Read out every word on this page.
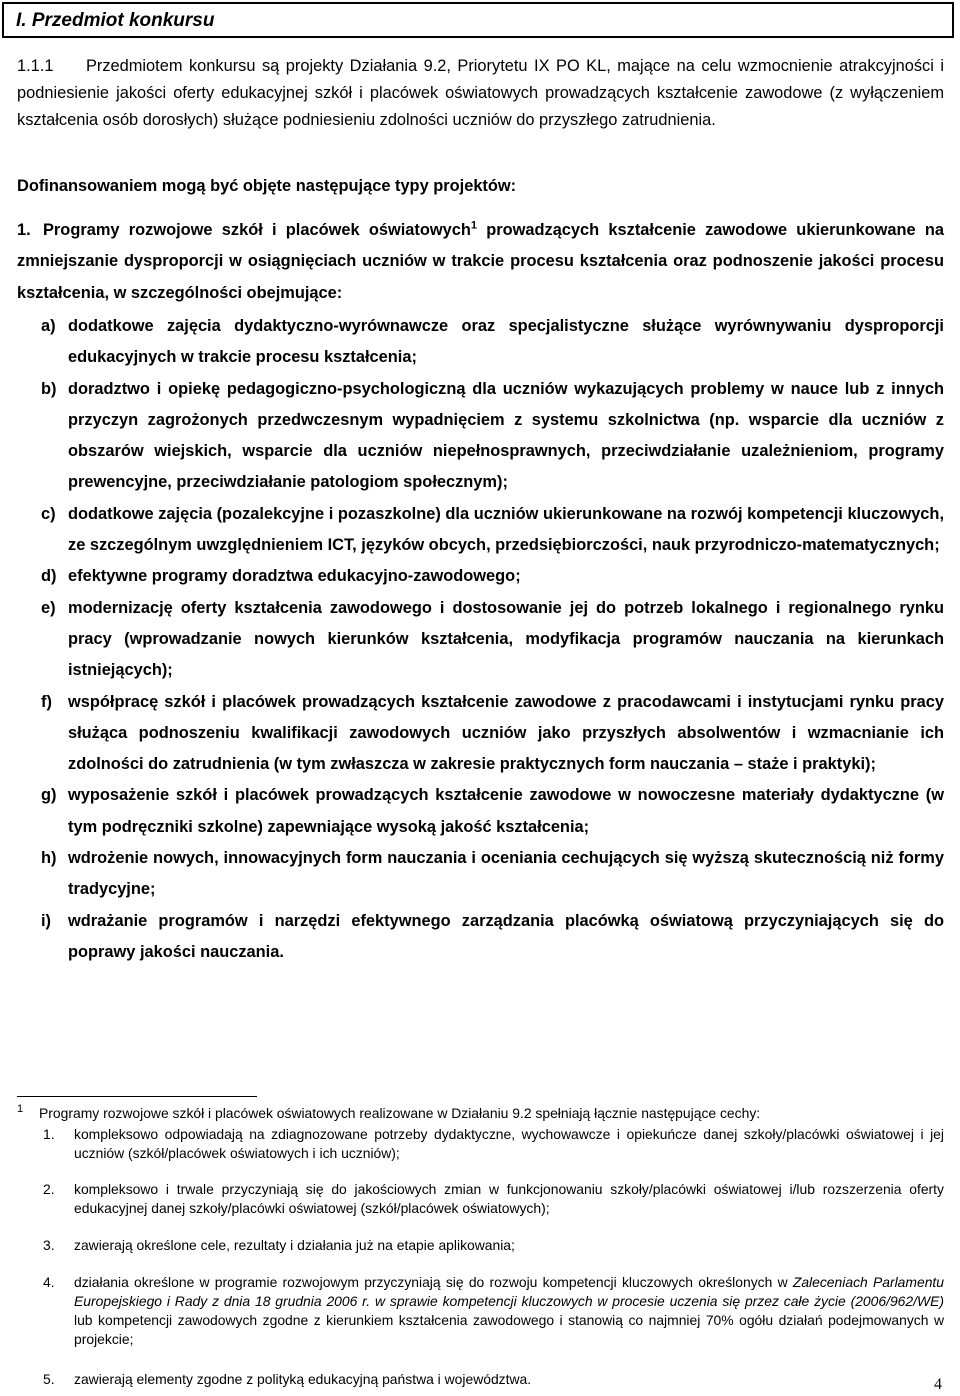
I. Przedmiot konkursu
1.1.1 Przedmiotem konkursu są projekty Działania 9.2, Priorytetu IX PO KL, mające na celu wzmocnienie atrakcyjności i podniesienie jakości oferty edukacyjnej szkół i placówek oświatowych prowadzących kształcenie zawodowe (z wyłączeniem kształcenia osób dorosłych) służące podniesieniu zdolności uczniów do przyszłego zatrudnienia.
Dofinansowaniem mogą być objęte następujące typy projektów:
1. Programy rozwojowe szkół i placówek oświatowych$^1$ prowadzących kształcenie zawodowe ukierunkowane na zmniejszanie dysproporcji w osiągnięciach uczniów w trakcie procesu kształcenia oraz podnoszenie jakości procesu kształcenia, w szczególności obejmujące:
a) dodatkowe zajęcia dydaktyczno-wyrównawcze oraz specjalistyczne służące wyrównywaniu dysproporcji edukacyjnych w trakcie procesu kształcenia;
b) doradztwo i opiekę pedagogiczno-psychologiczną dla uczniów wykazujących problemy w nauce lub z innych przyczyn zagrożonych przedwczesnym wypadnięciem z systemu szkolnictwa (np. wsparcie dla uczniów z obszarów wiejskich, wsparcie dla uczniów niepełnosprawnych, przeciwdziałanie uzależnieniom, programy prewencyjne, przeciwdziałanie patologiom społecznym);
c) dodatkowe zajęcia (pozalekcyjne i pozaszkolne) dla uczniów ukierunkowane na rozwój kompetencji kluczowych, ze szczególnym uwzględnieniem ICT, języków obcych, przedsiębiorczości, nauk przyrodniczo-matematycznych;
d) efektywne programy doradztwa edukacyjno-zawodowego;
e) modernizację oferty kształcenia zawodowego i dostosowanie jej do potrzeb lokalnego i regionalnego rynku pracy (wprowadzanie nowych kierunków kształcenia, modyfikacja programów nauczania na kierunkach istniejących);
f) współpracę szkół i placówek prowadzących kształcenie zawodowe z pracodawcami i instytucjami rynku pracy służąca podnoszeniu kwalifikacji zawodowych uczniów jako przyszłych absolwentów i wzmacnianie ich zdolności do zatrudnienia (w tym zwłaszcza w zakresie praktycznych form nauczania – staże i praktyki);
g) wyposażenie szkół i placówek prowadzących kształcenie zawodowe w nowoczesne materiały dydaktyczne (w tym podręczniki szkolne) zapewniające wysoką jakość kształcenia;
h) wdrożenie nowych, innowacyjnych form nauczania i oceniania cechujących się wyższą skutecznością niż formy tradycyjne;
i)	wdrażanie programów i narzędzi efektywnego zarządzania placówką oświatową przyczyniających się do poprawy jakości nauczania.
1 Programy rozwojowe szkół i placówek oświatowych realizowane w Działaniu 9.2 spełniają łącznie następujące cechy:
1. kompleksowo odpowiadają na zdiagnozowane potrzeby dydaktyczne, wychowawcze i opiekuńcze danej szkoły/placówki oświatowej i jej uczniów (szkół/placówek oświatowych i ich uczniów);
2. kompleksowo i trwale przyczyniają się do jakościowych zmian w funkcjonowaniu szkoły/placówki oświatowej i/lub rozszerzenia oferty edukacyjnej danej szkoły/placówki oświatowej (szkół/placówek oświatowych);
3. zawierają określone cele, rezultaty i działania już na etapie aplikowania;
4. działania określone w programie rozwojowym przyczyniają się do rozwoju kompetencji kluczowych określonych w Zaleceniach Parlamentu Europejskiego i Rady z dnia 18 grudnia 2006 r. w sprawie kompetencji kluczowych w procesie uczenia się przez całe życie (2006/962/WE) lub kompetencji zawodowych zgodne z kierunkiem kształcenia zawodowego i stanowią co najmniej 70% ogółu działań podejmowanych w projekcie;
5. zawierają elementy zgodne z polityką edukacyjną państwa i województwa.	4
